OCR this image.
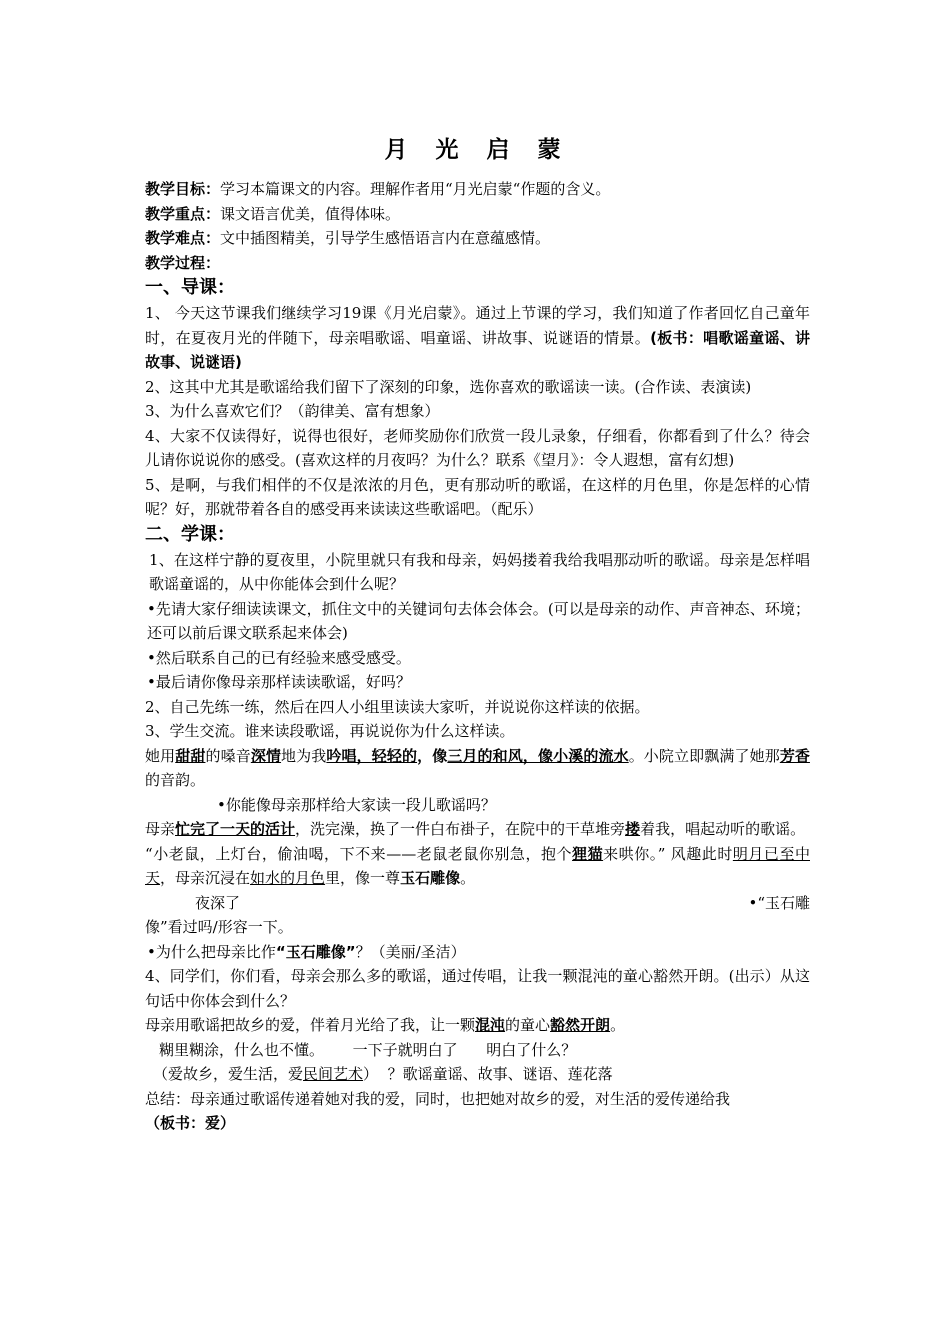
月 光 启 蒙

教学目标：学习本篇课文的内容。理解作者用“月光启蒙“作题的含义。

教学重点：课文语言优美，值得体味。

教学难点：文中插图精美，引导学生感悟语言内在意蕴感情。

教学过程：

一、导课：

1、 今天这节课我们继续学习19课《月光启蒙》。通过上节课的学习，我们知道了作者回忆自己童年时，在夏夜月光的伴随下，母亲唱歌谣、唱童谣、讲故事、说谜语的情景。(板书：唱歌谣童谣、讲故事、说谜语)

2、这其中尤其是歌谣给我们留下了深刻的印象，选你喜欢的歌谣读一读。(合作读、表演读)

3、为什么喜欢它们？（韵律美、富有想象）

4、大家不仅读得好，说得也很好，老师奖励你们欣赏一段儿录象，仔细看，你都看到了什么？待会儿请你说说你的感受。(喜欢这样的月夜吗？为什么？联系《望月》：令人遐想，富有幻想)

5、是啊，与我们相伴的不仅是浓浓的月色，更有那动听的歌谣，在这样的月色里，你是怎样的心情呢？好，那就带着各自的感受再来读读这些歌谣吧。（配乐）

二、学课：

1、在这样宁静的夏夜里，小院里就只有我和母亲，妈妈搂着我给我唱那动听的歌谣。母亲是怎样唱歌谣童谣的，从中你能体会到什么呢？

•先请大家仔细读读课文，抓住文中的关键词句去体会体会。(可以是母亲的动作、声音神态、环境；还可以前后课文联系起来体会)

•然后联系自己的已有经验来感受感受。

•最后请你像母亲那样读读歌谣，好吗？

2、自己先练一练，然后在四人小组里读读大家听，并说说你这样读的依据。

3、学生交流。谁来读段歌谣，再说说你为什么这样读。

她用甜甜的嗓音深情地为我吟唱，轻轻的，像三月的和风，像小溪的流水。小院立即飘满了她那芳香的音韵。

•你能像母亲那样给大家读一段儿歌谣吗？

母亲忙完了一天的活计，洗完澡，换了一件白布褂子，在院中的干草堆旁搂着我，唱起动听的歌谣。

“小老鼠，上灯台，偷油喝，下不来——老鼠老鼠你别急，抱个狸猫来哄你。” 风趣此时明月已至中天，母亲沉浸在如水的月色里，像一尊玉石雕像。

夜深了	•“玉石雕

像”看过吗/形容一下。

•为什么把母亲比作“玉石雕像”？（美丽/圣洁）

4、同学们，你们看，母亲会那么多的歌谣，通过传唱，让我一颗混沌的童心豁然开朗。(出示）从这句话中你体会到什么？

母亲用歌谣把故乡的爱，伴着月光给了我，让一颗混沌的童心豁然开朗。

糊里糊涂，什么也不懂。      一下子就明白了      明白了什么？

（爱故乡，爱生活，爱民间艺术）  ？歌谣童谣、故事、谜语、莲花落

总结：母亲通过歌谣传递着她对我的爱，同时，也把她对故乡的爱，对生活的爱传递给我

（板书：爱）
